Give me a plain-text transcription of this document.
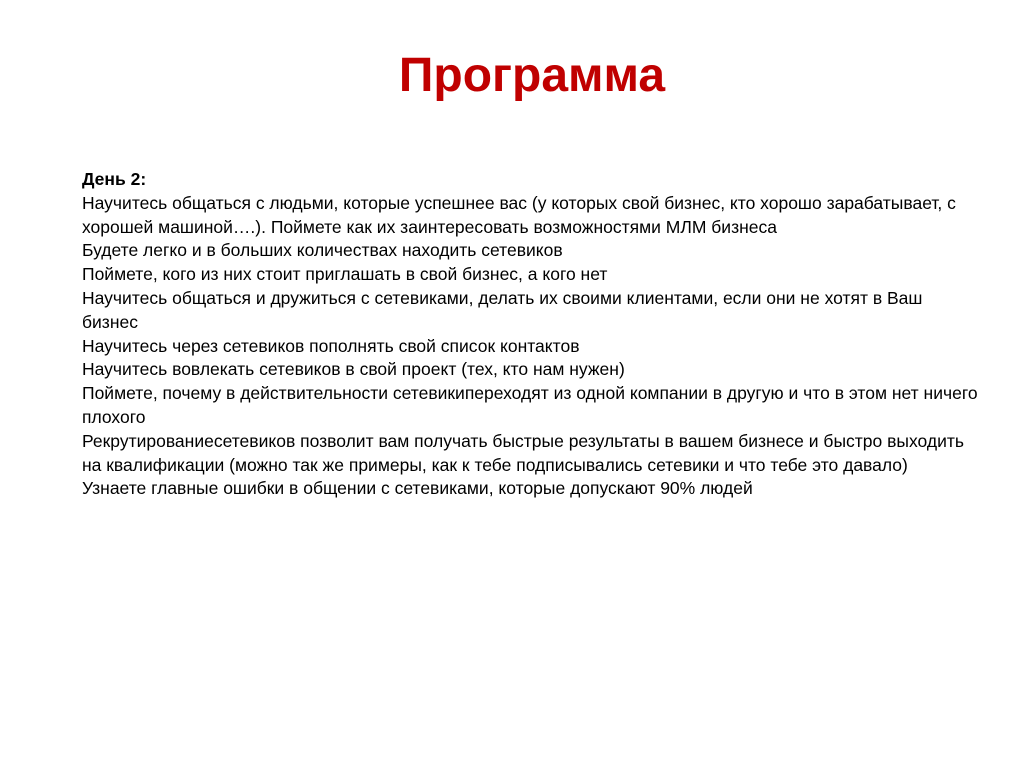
Программа

День 2:

Научитесь общаться с людьми, которые успешнее вас (у которых свой бизнес, кто хорошо зарабатывает, с хорошей машиной….). Поймете как их заинтересовать возможностями МЛМ бизнеса
Будете легко и в больших количествах находить сетевиков
Поймете, кого из них стоит приглашать в свой бизнес, а кого нет
Научитесь общаться и дружиться с сетевиками, делать их своими клиентами, если они не хотят в Ваш бизнес
Научитесь через сетевиков пополнять свой список контактов
Научитесь вовлекать сетевиков в свой проект (тех, кто нам нужен)
Поймете, почему в действительности сетевикипереходят из одной компании в другую и что в этом нет ничего плохого
Рекрутированиесетевиков позволит вам получать быстрые результаты в вашем бизнесе и быстро выходить на квалификации (можно так же примеры, как к тебе подписывались сетевики и что тебе это давало)
Узнаете главные ошибки в общении с сетевиками, которые допускают 90% людей
